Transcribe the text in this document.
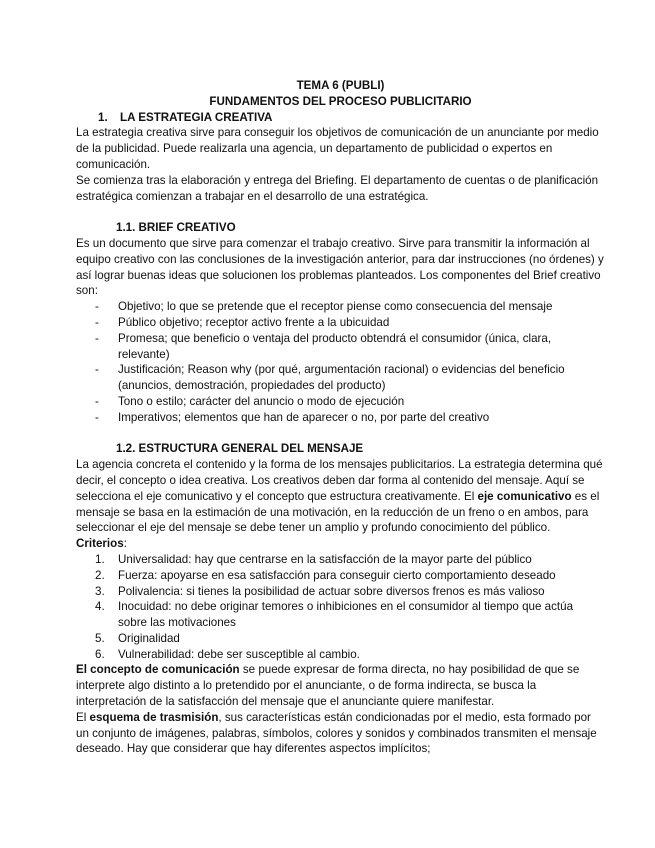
TEMA 6 (PUBLI)

FUNDAMENTOS DEL PROCESO PUBLICITARIO

1. LA ESTRATEGIA CREATIVA

La estrategia creativa sirve para conseguir los objetivos de comunicación de un anunciante por medio de la publicidad. Puede realizarla una agencia, un departamento de publicidad o expertos en comunicación.

Se comienza tras la elaboración y entrega del Briefing. El departamento de cuentas o de planificación estratégica comienzan a trabajar en el desarrollo de una estratégica.

1.1. BRIEF CREATIVO

Es un documento que sirve para comenzar el trabajo creativo. Sirve para transmitir la información al equipo creativo con las conclusiones de la investigación anterior, para dar instrucciones (no órdenes) y así lograr buenas ideas que solucionen los problemas planteados. Los componentes del Brief creativo son:

- Objetivo; lo que se pretende que el receptor piense como consecuencia del mensaje
- Público objetivo; receptor activo frente a la ubicuidad
- Promesa; que beneficio o ventaja del producto obtendrá el consumidor (única, clara, relevante)
- Justificación; Reason why (por qué, argumentación racional) o evidencias del beneficio (anuncios, demostración, propiedades del producto)
- Tono o estilo; carácter del anuncio o modo de ejecución
- Imperativos; elementos que han de aparecer o no, por parte del creativo

1.2. ESTRUCTURA GENERAL DEL MENSAJE

La agencia concreta el contenido y la forma de los mensajes publicitarios. La estrategia determina qué decir, el concepto o idea creativa. Los creativos deben dar forma al contenido del mensaje. Aquí se selecciona el eje comunicativo y el concepto que estructura creativamente. El eje comunicativo es el mensaje se basa en la estimación de una motivación, en la reducción de un freno o en ambos, para seleccionar el eje del mensaje se debe tener un amplio y profundo conocimiento del público.

Criterios:

1. Universalidad: hay que centrarse en la satisfacción de la mayor parte del público
2. Fuerza: apoyarse en esa satisfacción para conseguir cierto comportamiento deseado
3. Polivalencia: si tienes la posibilidad de actuar sobre diversos frenos es más valioso
4. Inocuidad: no debe originar temores o inhibiciones en el consumidor al tiempo que actúa sobre las motivaciones
5. Originalidad
6. Vulnerabilidad: debe ser susceptible al cambio.

El concepto de comunicación se puede expresar de forma directa, no hay posibilidad de que se interprete algo distinto a lo pretendido por el anunciante, o de forma indirecta, se busca la interpretación de la satisfacción del mensaje que el anunciante quiere manifestar.

El esquema de trasmisión, sus características están condicionadas por el medio, esta formado por un conjunto de imágenes, palabras, símbolos, colores y sonidos y combinados transmiten el mensaje deseado. Hay que considerar que hay diferentes aspectos implícitos;
